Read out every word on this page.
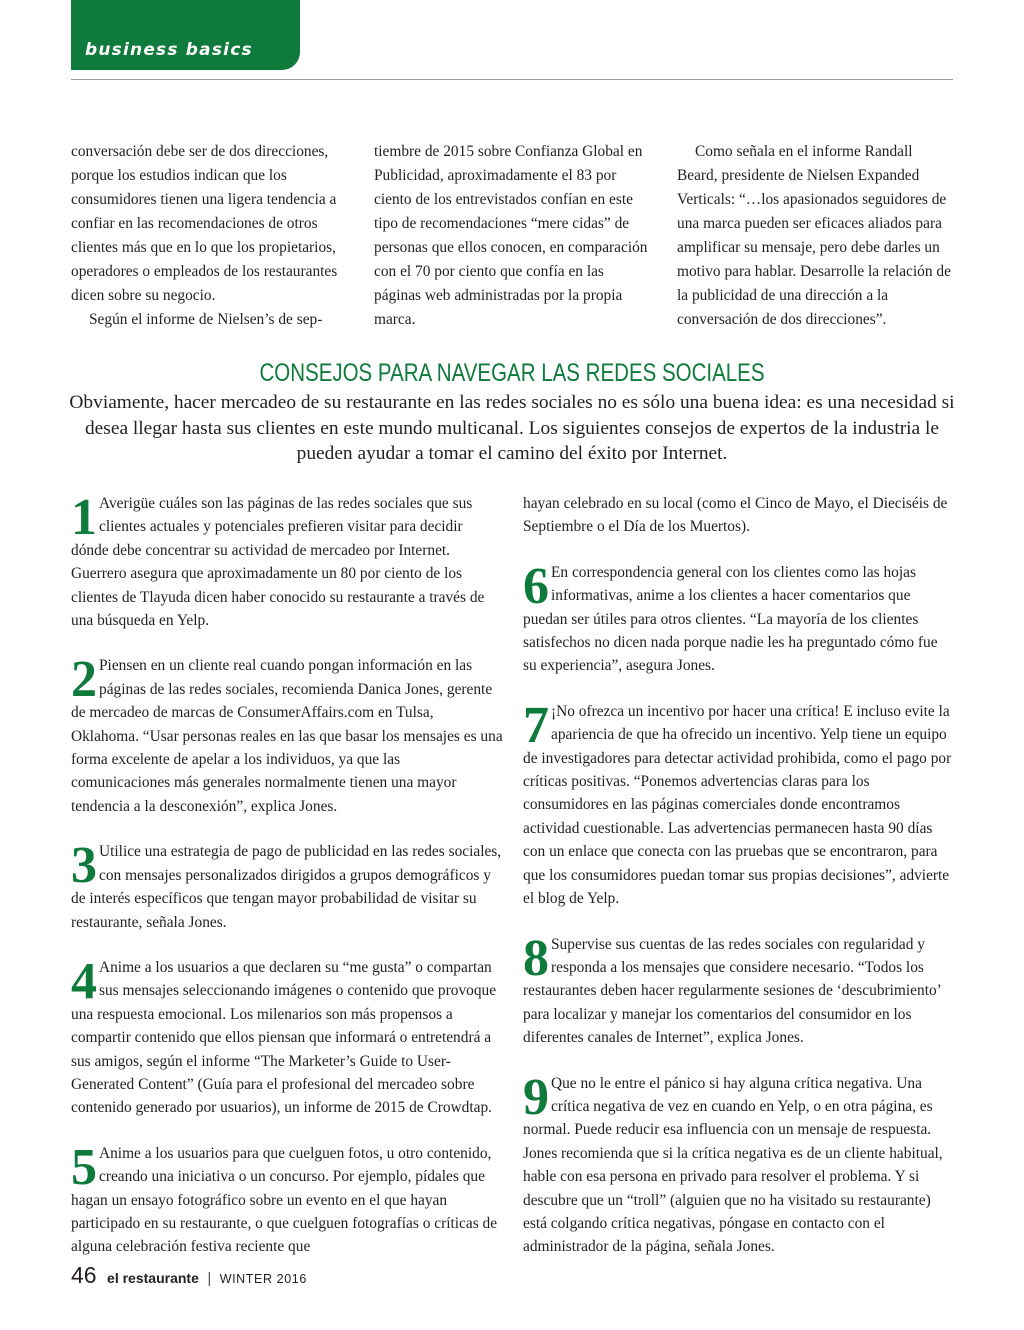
business basics

conversación debe ser de dos direcciones, porque los estudios indican que los consumidores tienen una ligera tendencia a confiar en las recomendaciones de otros clientes más que en lo que los propietarios, operadores o empleados de los restaurantes dicen sobre su negocio.

Según el informe de Nielsen’s de sep-

tiembre de 2015 sobre Confianza Global en Publicidad, aproximadamente el 83 por ciento de los entrevistados confían en este tipo de recomendaciones “mere cidas” de personas que ellos conocen, en comparación con el 70 por ciento que confía en las páginas web administradas por la propia marca.

Como señala en el informe Randall Beard, presidente de Nielsen Expanded Verticals: “…los apasionados seguidores de una marca pueden ser eficaces aliados para amplificar su mensaje, pero debe darles un motivo para hablar. Desarrolle la relación de la publicidad de una dirección a la conversación de dos direcciones”.

CONSEJOS PARA NAVEGAR LAS REDES SOCIALES
Obviamente, hacer mercadeo de su restaurante en las redes sociales no es sólo una buena idea: es una necesidad si desea llegar hasta sus clientes en este mundo multicanal. Los siguientes consejos de expertos de la industria le pueden ayudar a tomar el camino del éxito por Internet.
1 Averigüe cuáles son las páginas de las redes sociales que sus clientes actuales y potenciales prefieren visitar para decidir dónde debe concentrar su actividad de mercadeo por Internet. Guerrero asegura que aproximadamente un 80 por ciento de los clientes de Tlayuda dicen haber conocido su restaurante a través de una búsqueda en Yelp.
2 Piensen en un cliente real cuando pongan información en las páginas de las redes sociales, recomienda Danica Jones, gerente de mercadeo de marcas de ConsumerAffairs.com en Tulsa, Oklahoma. “Usar personas reales en las que basar los mensajes es una forma excelente de apelar a los individuos, ya que las comunicaciones más generales normalmente tienen una mayor tendencia a la desconexión”, explica Jones.
3 Utilice una estrategia de pago de publicidad en las redes sociales, con mensajes personalizados dirigidos a grupos demográficos y de interés específicos que tengan mayor probabilidad de visitar su restaurante, señala Jones.
4 Anime a los usuarios a que declaren su “me gusta” o compartan sus mensajes seleccionando imágenes o contenido que provoque una respuesta emocional. Los milenarios son más propensos a compartir contenido que ellos piensan que informará o entretendrá a sus amigos, según el informe “The Marketer’s Guide to User-Generated Content” (Guía para el profesional del mercadeo sobre contenido generado por usuarios), un informe de 2015 de Crowdtap.
5 Anime a los usuarios para que cuelguen fotos, u otro contenido, creando una iniciativa o un concurso. Por ejemplo, pídales que hagan un ensayo fotográfico sobre un evento en el que hayan participado en su restaurante, o que cuelguen fotografías o críticas de alguna celebración festiva reciente que
hayan celebrado en su local (como el Cinco de Mayo, el Dieciséis de Septiembre o el Día de los Muertos).
6 En correspondencia general con los clientes como las hojas informativas, anime a los clientes a hacer comentarios que puedan ser útiles para otros clientes. “La mayoría de los clientes satisfechos no dicen nada porque nadie les ha preguntado cómo fue su experiencia”, asegura Jones.
7 ¡No ofrezca un incentivo por hacer una crítica! E incluso evite la apariencia de que ha ofrecido un incentivo. Yelp tiene un equipo de investigadores para detectar actividad prohibida, como el pago por críticas positivas. “Ponemos advertencias claras para los consumidores en las páginas comerciales donde encontramos actividad cuestionable. Las advertencias permanecen hasta 90 días con un enlace que conecta con las pruebas que se encontraron, para que los consumidores puedan tomar sus propias decisiones”, advierte el blog de Yelp.
8 Supervise sus cuentas de las redes sociales con regularidad y responda a los mensajes que considere necesario. “Todos los restaurantes deben hacer regularmente sesiones de ‘descubrimiento’ para localizar y manejar los comentarios del consumidor en los diferentes canales de Internet”, explica Jones.
9 Que no le entre el pánico si hay alguna crítica negativa. Una crítica negativa de vez en cuando en Yelp, o en otra página, es normal. Puede reducir esa influencia con un mensaje de respuesta. Jones recomienda que si la crítica negativa es de un cliente habitual, hable con esa persona en privado para resolver el problema. Y si descubre que un “troll” (alguien que no ha visitado su restaurante) está colgando crítica negativas, póngase en contacto con el administrador de la página, señala Jones.
46 el restaurante | WINTER 2016
